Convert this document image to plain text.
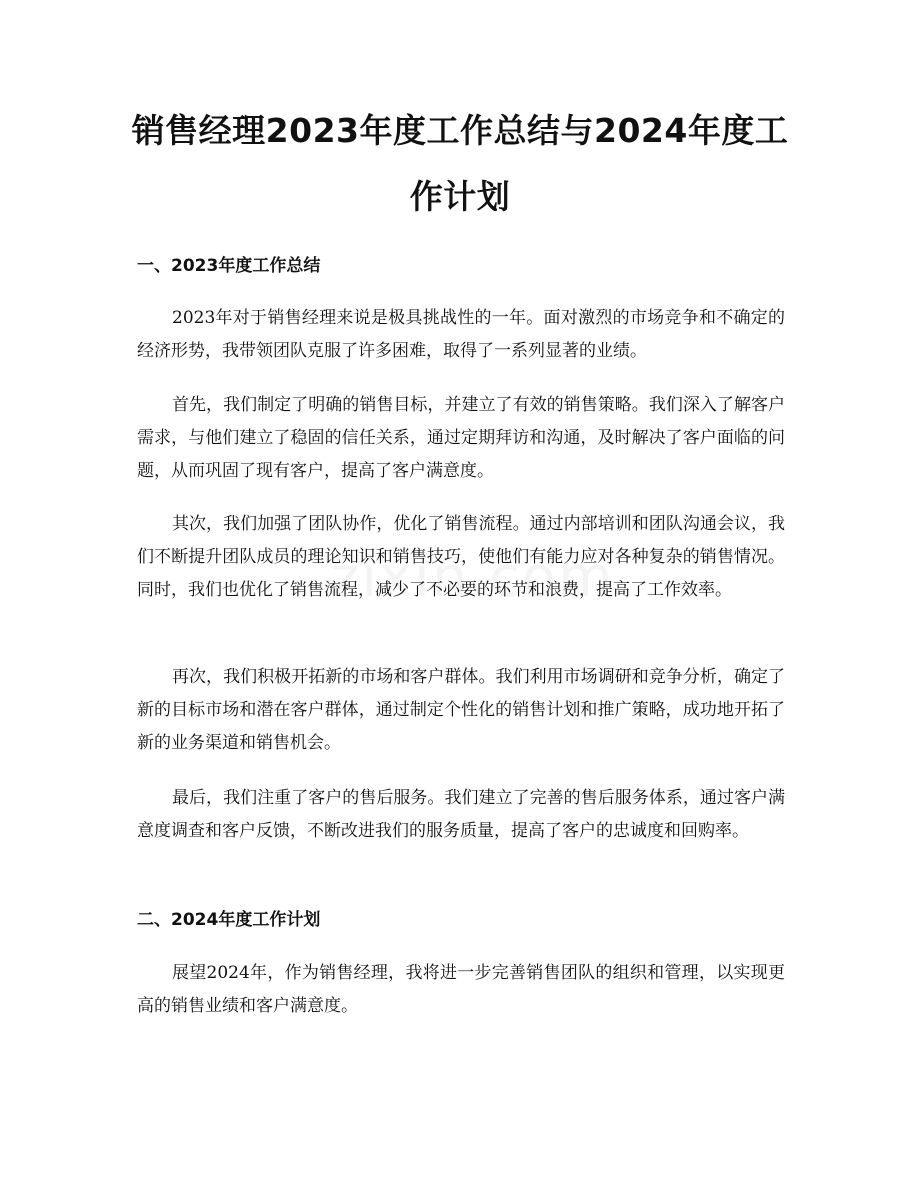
销售经理2023年度工作总结与2024年度工作计划
一、2023年度工作总结

2023年对于销售经理来说是极具挑战性的一年。面对激烈的市场竞争和不确定的经济形势，我带领团队克服了许多困难，取得了一系列显著的业绩。

首先，我们制定了明确的销售目标，并建立了有效的销售策略。我们深入了解客户需求，与他们建立了稳固的信任关系，通过定期拜访和沟通，及时解决了客户面临的问题，从而巩固了现有客户，提高了客户满意度。

其次，我们加强了团队协作，优化了销售流程。通过内部培训和团队沟通会议，我们不断提升团队成员的理论知识和销售技巧，使他们有能力应对各种复杂的销售情况。同时，我们也优化了销售流程，减少了不必要的环节和浪费，提高了工作效率。

再次，我们积极开拓新的市场和客户群体。我们利用市场调研和竞争分析，确定了新的目标市场和潜在客户群体，通过制定个性化的销售计划和推广策略，成功地开拓了新的业务渠道和销售机会。

最后，我们注重了客户的售后服务。我们建立了完善的售后服务体系，通过客户满意度调查和客户反馈，不断改进我们的服务质量，提高了客户的忠诚度和回购率。

二、2024年度工作计划

展望2024年，作为销售经理，我将进一步完善销售团队的组织和管理，以实现更高的销售业绩和客户满意度。
